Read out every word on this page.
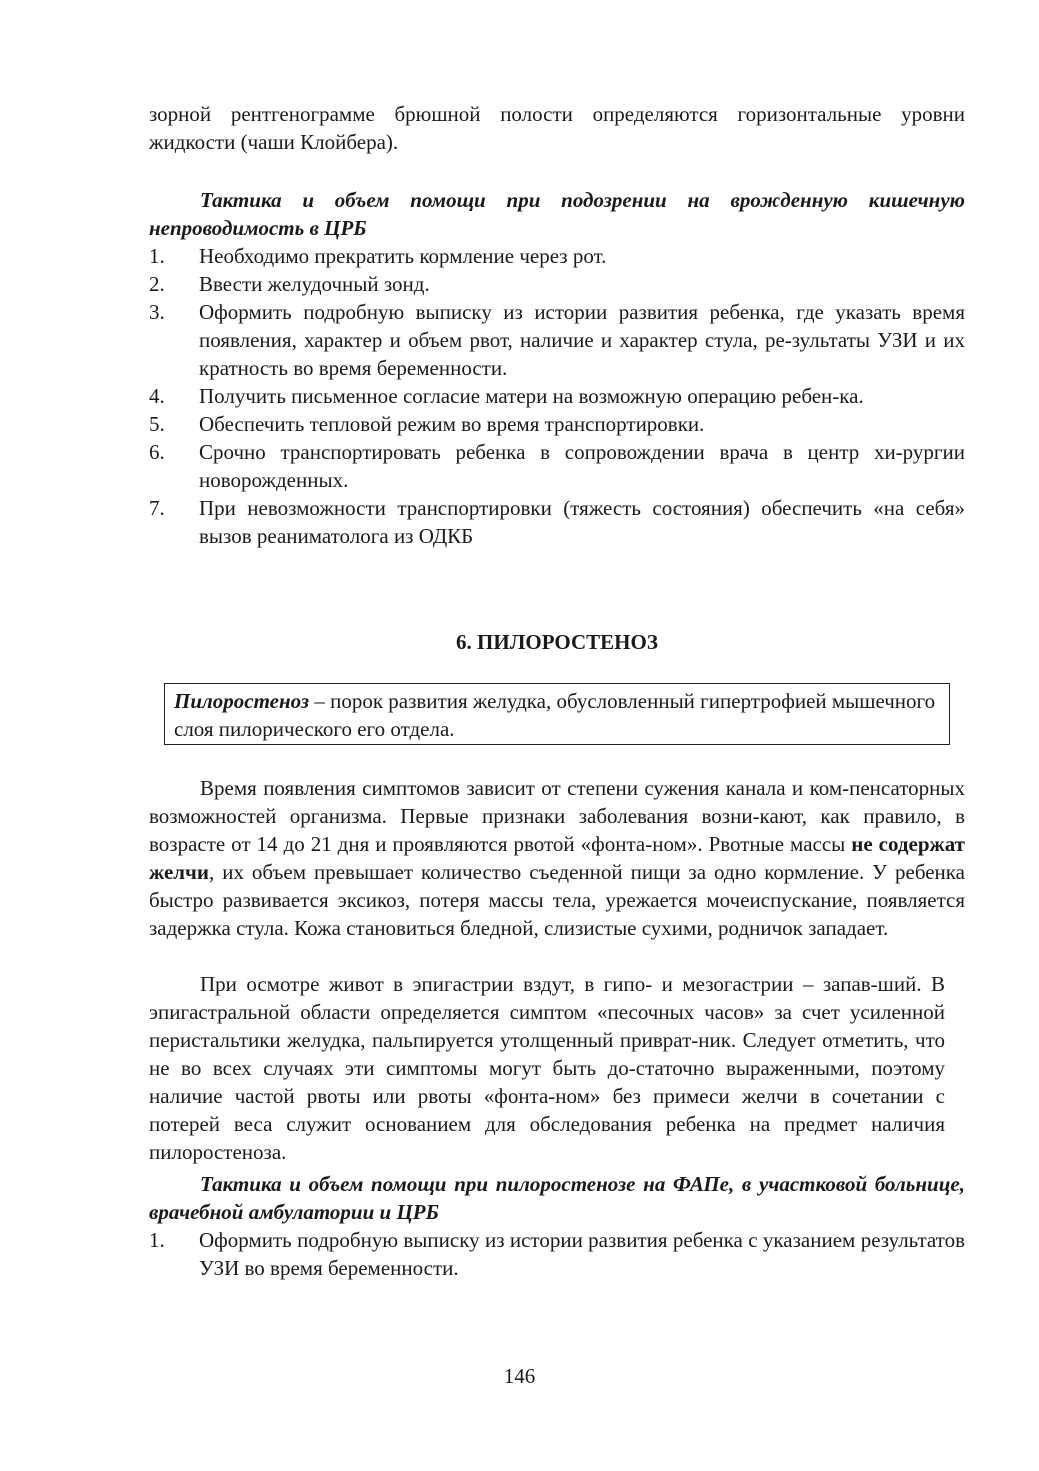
зорной рентгенограмме брюшной полости определяются горизонтальные уровни жидкости (чаши Клойбера).
Тактика и объем помощи при подозрении на врожденную кишечную непроводимость в ЦРБ
1. Необходимо прекратить кормление через рот.
2. Ввести желудочный зонд.
3. Оформить подробную выписку из истории развития ребенка, где указать время появления, характер и объем рвот, наличие и характер стула, ре-зультаты УЗИ и их кратность во время беременности.
4. Получить письменное согласие матери на возможную операцию ребен-ка.
5. Обеспечить тепловой режим во время транспортировки.
6. Срочно транспортировать ребенка в сопровождении врача в центр хи-рургии новорожденных.
7. При невозможности транспортировки (тяжесть состояния) обеспечить «на себя» вызов реаниматолога из ОДКБ
6. ПИЛОРОСТЕНОЗ
Пилоростеноз – порок развития желудка, обусловленный гипертрофией мышечного слоя пилорического его отдела.
Время появления симптомов зависит от степени сужения канала и ком-пенсаторных возможностей организма. Первые признаки заболевания возни-кают, как правило, в возрасте от 14 до 21 дня и проявляются рвотой «фонта-ном». Рвотные массы не содержат желчи, их объем превышает количество съеденной пищи за одно кормление. У ребенка быстро развивается эксикоз, потеря массы тела, урежается мочеиспускание, появляется задержка стула. Кожа становиться бледной, слизистые сухими, родничок западает.
При осмотре живот в эпигастрии вздут, в гипо- и мезогастрии – запав-ший. В эпигастральной области определяется симптом «песочных часов» за счет усиленной перистальтики желудка, пальпируется утолщенный приврат-ник. Следует отметить, что не во всех случаях эти симптомы могут быть до-статочно выраженными, поэтому наличие частой рвоты или рвоты «фонта-ном» без примеси желчи в сочетании с потерей веса служит основанием для обследования ребенка на предмет наличия пилоростеноза.
Тактика и объем помощи при пилоростенозе на ФАПе, в участковой больнице, врачебной амбулатории и ЦРБ
1. Оформить подробную выписку из истории развития ребенка с указанием результатов УЗИ во время беременности.
146
